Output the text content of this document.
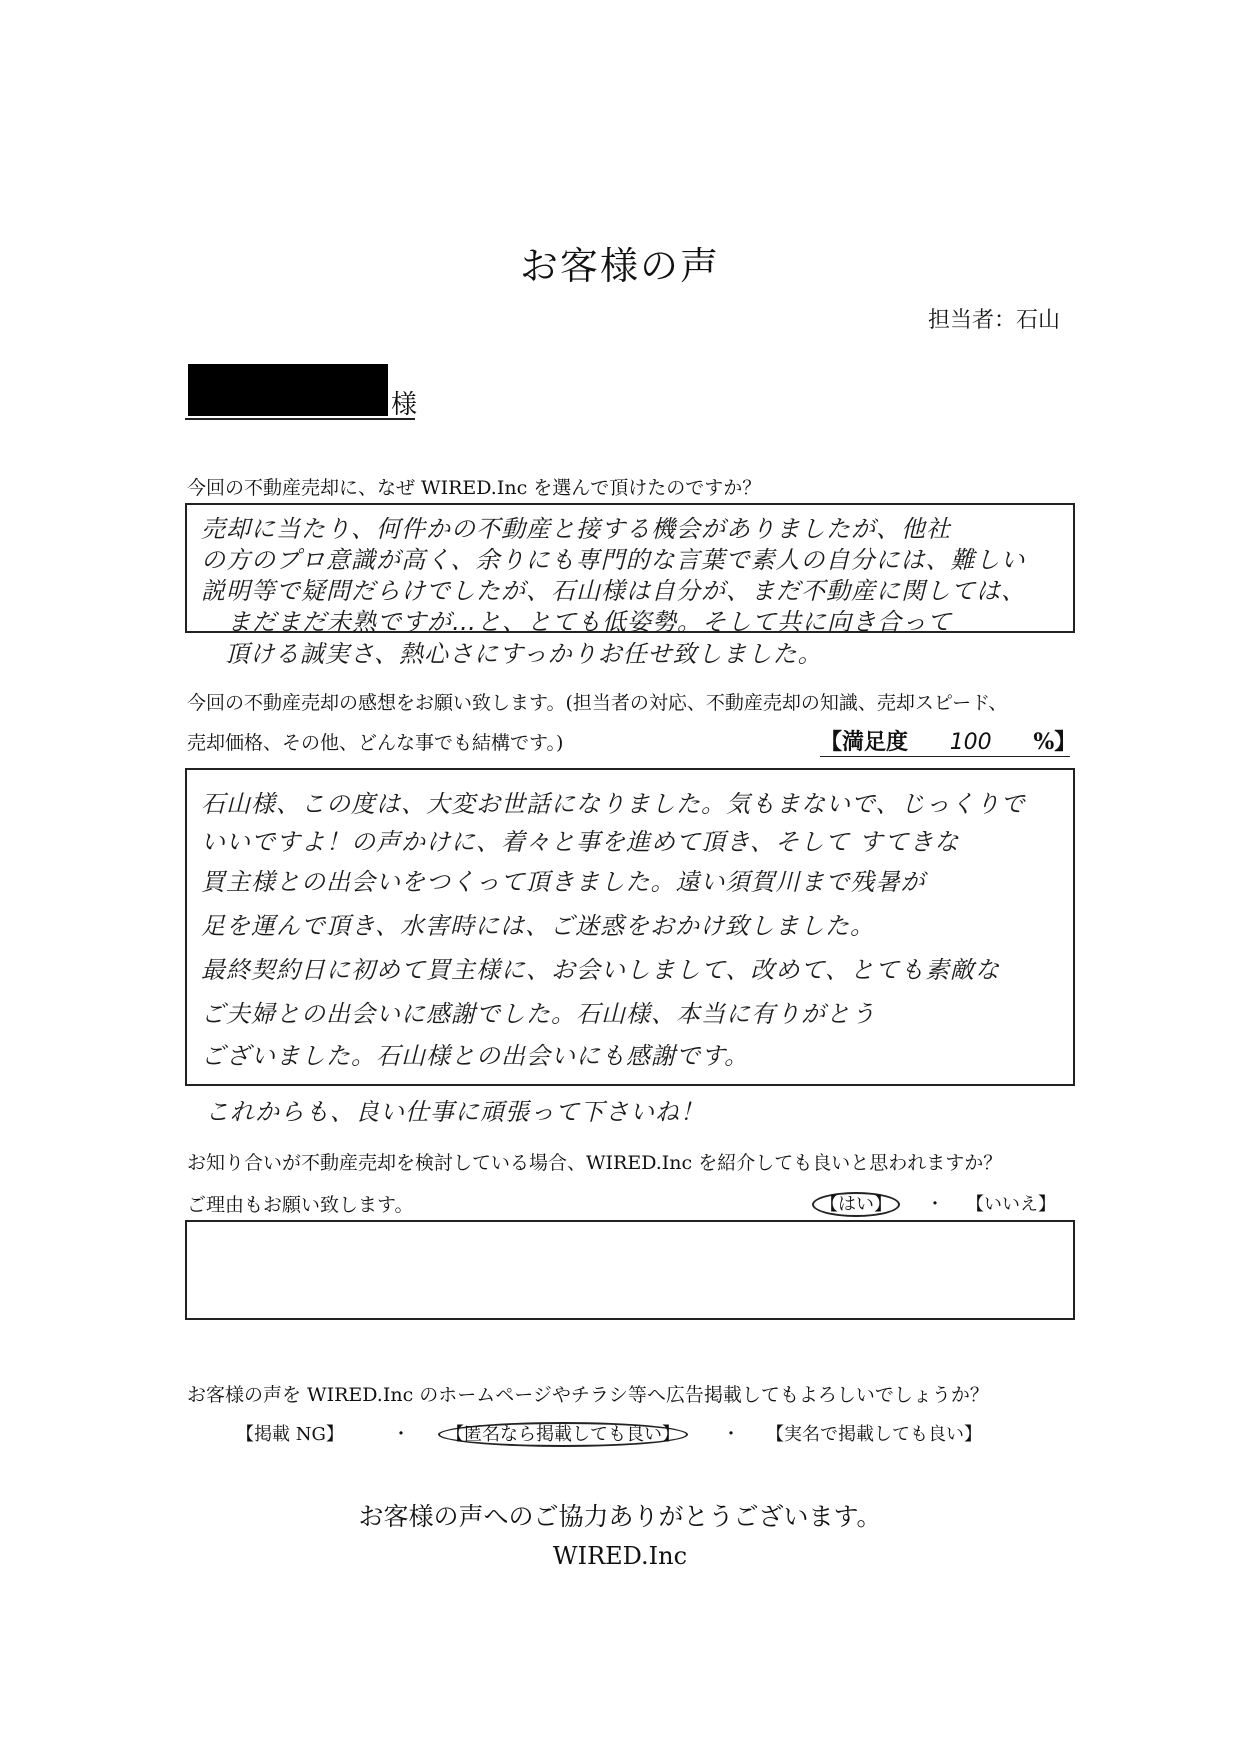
お客様の声
担当者：石山
様
今回の不動産売却に、なぜ WIRED.Inc を選んで頂けたのですか？
売却に当たり、何件かの不動産と接する機会がありましたが、他社
の方のプロ意識が高く、余りにも専門的な言葉で素人の自分には、難しい
説明等で疑問だらけでしたが、石山様は自分が、まだ不動産に関しては、
まだまだ未熟ですが…と、とても低姿勢。そして共に向き合って
頂ける誠実さ、熱心さにすっかりお任せ致しました。
今回の不動産売却の感想をお願い致します。(担当者の対応、不動産売却の知識、売却スピード、
売却価格、その他、どんな事でも結構です。)	【満足度 100 %】
石山様、この度は、大変お世話になりました。気もまないで、じっくりで
いいですよ！の声かけに、着々と事を進めて頂き、そして すてきな
買主様との出会いをつくって頂きました。遠い須賀川まで残暑が
足を運んで頂き、水害時には、ご迷惑をおかけ致しました。
最終契約日に初めて買主様に、お会いしまして、改めて、とても素敵な
ご夫婦との出会いに感謝でした。石山様、本当に有りがとう
ございました。石山様との出会いにも感謝です。
これからも、良い仕事に頑張って下さいね！
お知り合いが不動産売却を検討している場合、WIRED.Inc を紹介しても良いと思われますか？
ご理由もお願い致します。	【はい】	・ 【いいえ】
お客様の声を WIRED.Inc のホームページやチラシ等へ広告掲載してもよろしいでしょうか？
【掲載 NG】	・	【匿名なら掲載しても良い】	・ 【実名で掲載しても良い】
お客様の声へのご協力ありがとうございます。
WIRED.Inc
